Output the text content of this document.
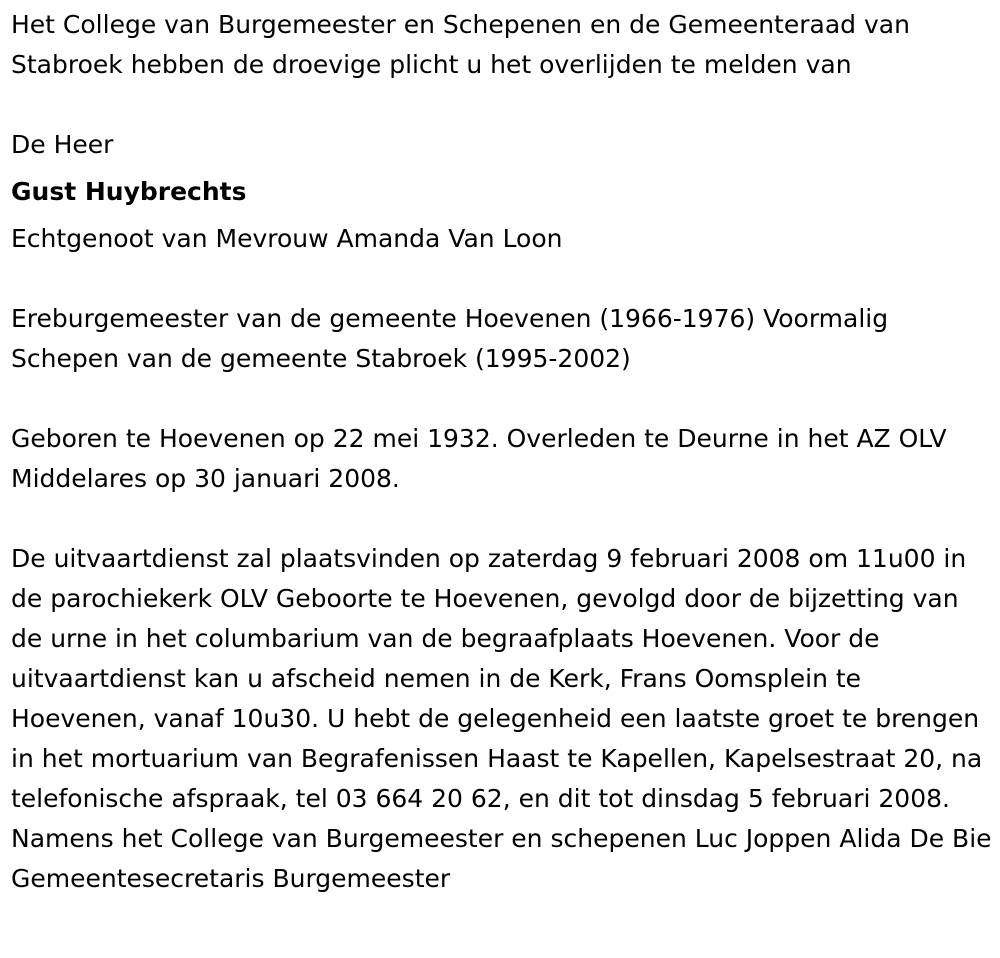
Het College van Burgemeester en Schepenen en de Gemeenteraad van Stabroek hebben de droevige plicht u het overlijden te melden van

De Heer

Gust Huybrechts

Echtgenoot van Mevrouw Amanda Van Loon

Ereburgemeester van de gemeente Hoevenen (1966-1976) Voormalig Schepen van de gemeente Stabroek (1995-2002)

Geboren te Hoevenen op 22 mei 1932. Overleden te Deurne in het AZ OLV Middelares op 30 januari 2008.

De uitvaartdienst zal plaatsvinden op zaterdag 9 februari 2008 om 11u00 in de parochiekerk OLV Geboorte te Hoevenen, gevolgd door de bijzetting van de urne in het columbarium van de begraafplaats Hoevenen. Voor de uitvaartdienst kan u afscheid nemen in de Kerk, Frans Oomsplein te Hoevenen, vanaf 10u30. U hebt de gelegenheid een laatste groet te brengen in het mortuarium van Begrafenissen Haast te Kapellen, Kapelsestraat 20, na telefonische afspraak, tel 03 664 20 62, en dit tot dinsdag 5 februari 2008. Namens het College van Burgemeester en schepenen Luc Joppen Alida De Bie Gemeentesecretaris Burgemeester
